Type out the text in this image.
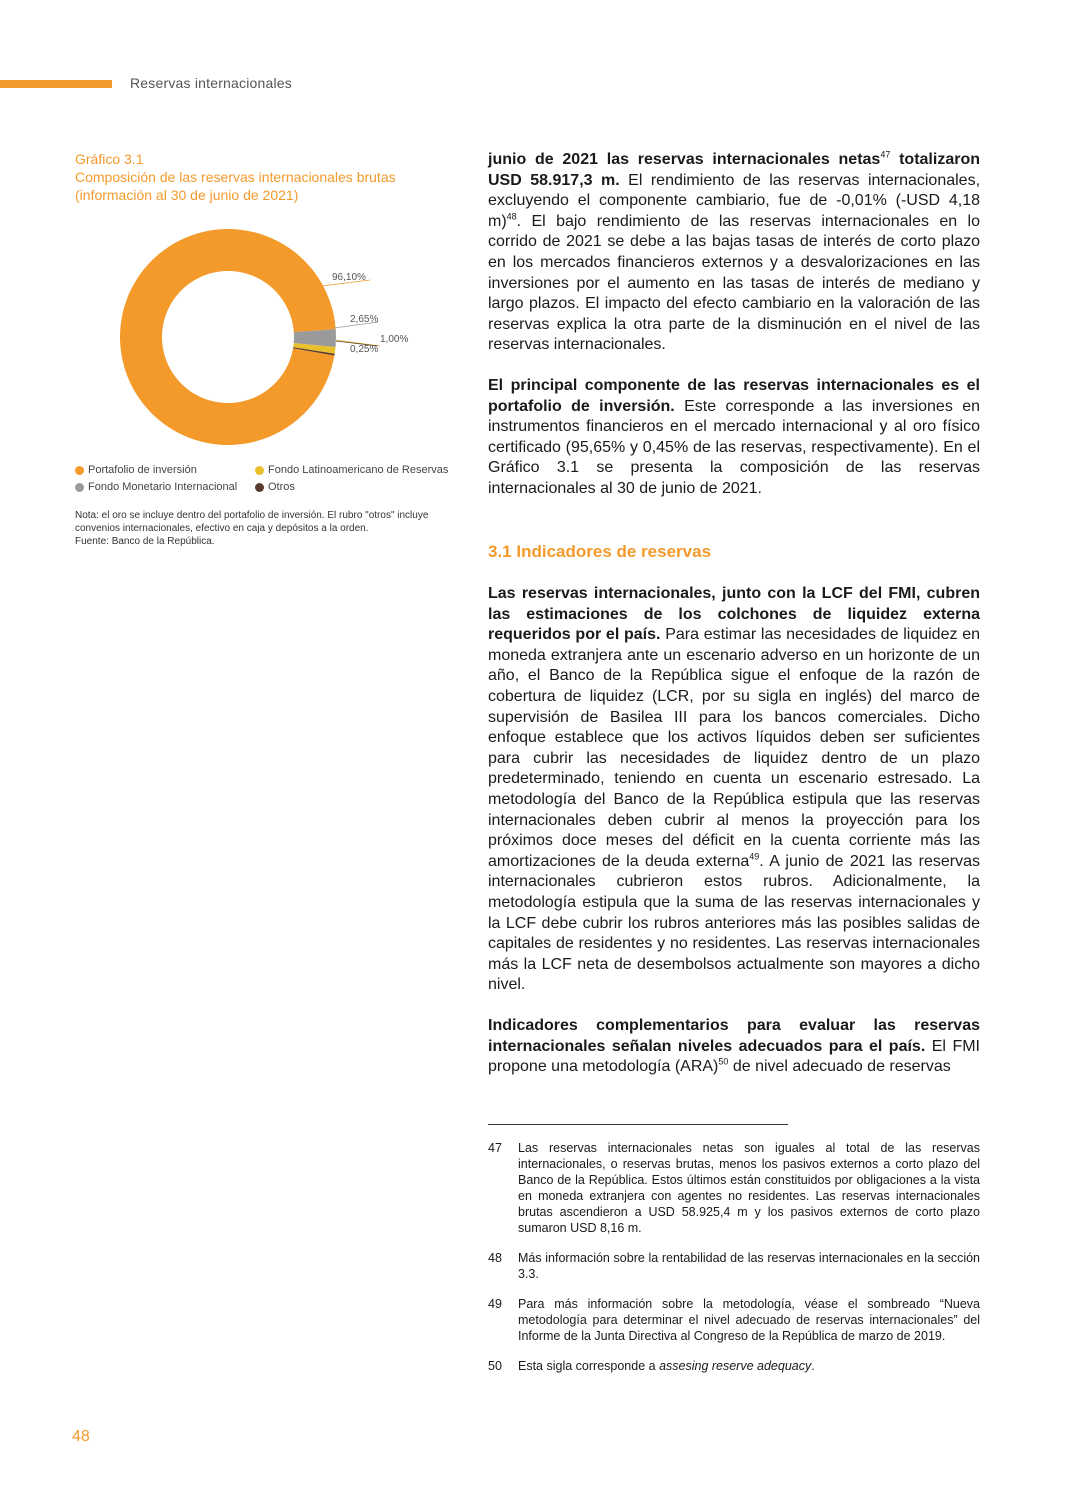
Reservas internacionales
Gráfico 3.1
Composición de las reservas internacionales brutas (información al 30 de junio de 2021)
96,10%
2,65%
1,00%
0,25%
Portafolio de inversión	Fondo Latinoamericano de Reservas
Fondo Monetario Internacional	Otros

Nota: el oro se incluye dentro del portafolio de inversión. El rubro "otros" incluye convenios internacionales, efectivo en caja y depósitos a la orden.

Fuente: Banco de la República.

junio de 2021 las reservas internacionales netas$^{47}$ totalizaron USD 58.917,3 m. El rendimiento de las reservas internacionales, excluyendo el componente cambiario, fue de -0,01% (-USD 4,18 m)$^{48}$. El bajo rendimiento de las reservas internacionales en lo corrido de 2021 se debe a las bajas tasas de interés de corto plazo en los mercados financieros externos y a desvalorizaciones en las inversiones por el aumento en las tasas de interés de mediano y largo plazos. El impacto del efecto cambiario en la valoración de las reservas explica la otra parte de la disminución en el nivel de las reservas internacionales.

El principal componente de las reservas internacionales es el portafolio de inversión. Este corresponde a las inversiones en instrumentos financieros en el mercado internacional y al oro físico certificado (95,65% y 0,45% de las reservas, respectivamente). En el Gráfico 3.1 se presenta la composición de las reservas internacionales al 30 de junio de 2021.

3.1 Indicadores de reservas

Las reservas internacionales, junto con la LCF del FMI, cubren las estimaciones de los colchones de liquidez externa requeridos por el país. Para estimar las necesidades de liquidez en moneda extranjera ante un escenario adverso en un horizonte de un año, el Banco de la República sigue el enfoque de la razón de cobertura de liquidez (LCR, por su sigla en inglés) del marco de supervisión de Basilea III para los bancos comerciales. Dicho enfoque establece que los activos líquidos deben ser suficientes para cubrir las necesidades de liquidez dentro de un plazo predeterminado, teniendo en cuenta un escenario estresado. La metodología del Banco de la República estipula que las reservas internacionales deben cubrir al menos la proyección para los próximos doce meses del déficit en la cuenta corriente más las amortizaciones de la deuda externa$^{49}$. A junio de 2021 las reservas internacionales cubrieron estos rubros. Adicionalmente, la metodología estipula que la suma de las reservas internacionales y la LCF debe cubrir los rubros anteriores más las posibles salidas de capitales de residentes y no residentes. Las reservas internacionales más la LCF neta de desembolsos actualmente son mayores a dicho nivel.

Indicadores complementarios para evaluar las reservas internacionales señalan niveles adecuados para el país. El FMI propone una metodología (ARA)$^{50}$ de nivel adecuado de reservas

47 Las reservas internacionales netas son iguales al total de las reservas internacionales, o reservas brutas, menos los pasivos externos a corto plazo del Banco de la República. Estos últimos están constituidos por obligaciones a la vista en moneda extranjera con agentes no residentes. Las reservas internacionales brutas ascendieron a USD 58.925,4 m y los pasivos externos de corto plazo sumaron USD 8,16 m.
48 Más información sobre la rentabilidad de las reservas internacionales en la sección 3.3.
49 Para más información sobre la metodología, véase el sombreado “Nueva metodología para determinar el nivel adecuado de reservas internacionales” del Informe de la Junta Directiva al Congreso de la República de marzo de 2019.
50 Esta sigla corresponde a assesing reserve adequacy.
48
